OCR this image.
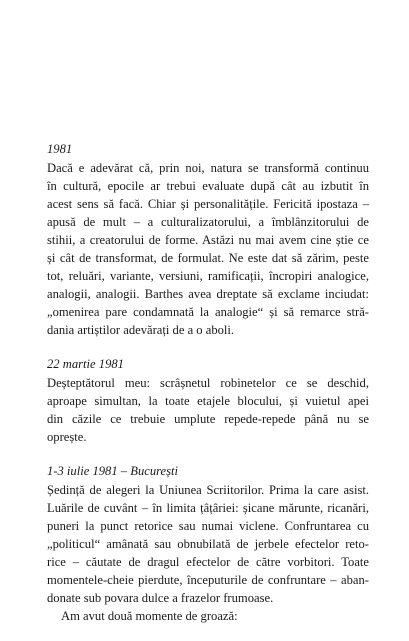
1981
Dacă e adevărat că, prin noi, natura se transformă continuu
în cultură, epocile ar trebui evaluate după cât au izbutit în
acest sens să facă. Chiar și personalitățile. Fericită ipostaza –
apusă de mult – a culturalizatorului, a îmblânzitorului de
stihii, a creatorului de forme. Astăzi nu mai avem cine știe ce
și cât de transformat, de formulat. Ne este dat să zărim, peste
tot, reluări, variante, versiuni, ramificații, încropiri analogice,
analogii, analogii. Barthes avea dreptate să exclame inciudat:
„omenirea pare condamnată la analogie“ și să remarce stră-
dania artiștilor adevărați de a o aboli.
22 martie 1981
Deșteptătorul meu: scrâșnetul robinetelor ce se deschid,
aproape simultan, la toate etajele blocului, și vuietul apei
din căzile ce trebuie umplute repede-repede până nu se
oprește.
1-3 iulie 1981 – București
Ședință de alegeri la Uniunea Scriitorilor. Prima la care asist.
Luările de cuvânt – în limita țâțâriei: șicane mărunte, ricanări,
puneri la punct retorice sau numai viclene. Confruntarea cu
„politicul“ amânată sau obnubilată de jerbele efectelor reto-
rice – căutate de dragul efectelor de către vorbitori. Toate
momentele-cheie pierdute, începuturile de confruntare – aban-
donate sub povara dulce a frazelor frumoase.
Am avut două momente de groază:
